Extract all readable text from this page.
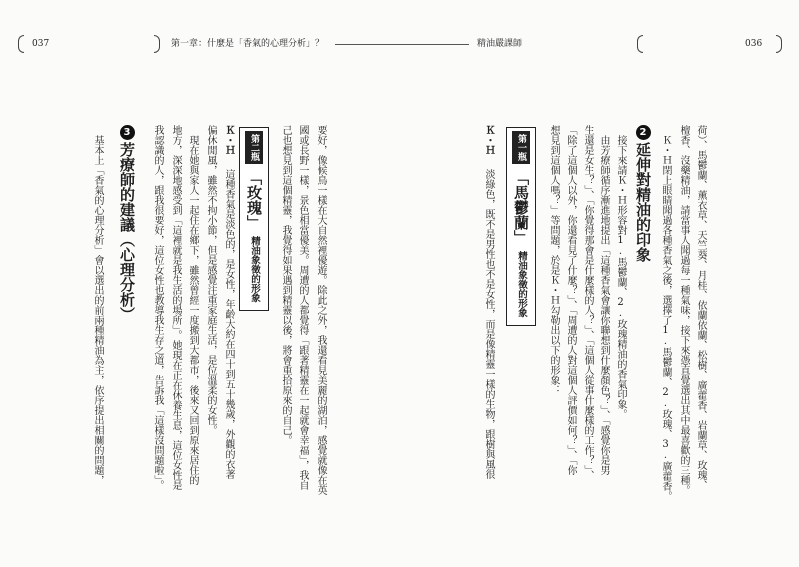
037	第一章：什麼是「香氣的心理分析」？	精油嚴課師	036
荷）、馬鬱蘭、薰衣草、天竺葵、月桂、依蘭依蘭、松樹、廣藿香、岩蘭草、玫瑰、
檀香、沒藥精油，請當事人聞過每一種氣味，接下來憑直覺選出其中最喜歡的三種。
Ｋ・Ｈ閉上眼睛聞過各種香氣之後，選擇了1.馬鬱蘭、2.玫瑰、3.廣藿香。
2
延伸對精油的印象
接下來請Ｋ・Ｈ形容對1.馬鬱蘭、2.玫瑰精油的香氣印象。
由芳療師循序漸進地提出「這種香氣會讓你聯想到什麼顏色？」、「感覺你是男
生還是女生？」、「你覺得那會是什麼樣的人？」、「這個人從事什麼樣的工作？」、
「除了這個人以外，你還看見了什麼？」、「周遭的人對這個人評價如何？」、「你
想見到這個人嗎？」等問題，於是Ｋ・Ｈ勾勒出以下的形象：
第一瓶
「馬鬱蘭」
精油象徵的形象
Ｋ・Ｈ
淡綠色，既不是男性也不是女性，而是像精靈一樣的生物，跟樹與風很
要好，像候鳥一樣在大自然裡優遊。除此之外，我還看見美麗的湖泊，感覺就像在英
國或長野一樣，景色相當優美。周遭的人都覺得「跟著精靈在一起就會幸福」，我自
己也想見到這個精靈，我覺得如果遇到精靈以後，將會重拾原來的自己。
第二瓶
「玫瑰」
精油象徵的形象
Ｋ・Ｈ
這種香氣是淡色的，是女性，年齡大約在四十到五十幾歲，外觀的衣著
偏休閒風，雖然不拘小節，但是感覺注重家庭生活，是位溫柔的女性。
現在她與家人一起住在鄉下，雖然曾經一度搬到大都市，後來又回到原來居住的
地方，深深地感受到「這裡就是我生活的場所」。她現在正在休養生息，這位女性是
我認識的人，跟我很要好，這位女性也教導我生存之道，告訴我「這樣沒問題啦」。
3
芳療師的建議（心理分析）
基本上「香氣的心理分析」會以選出的前兩種精油為主，依序提出相關的問題，
